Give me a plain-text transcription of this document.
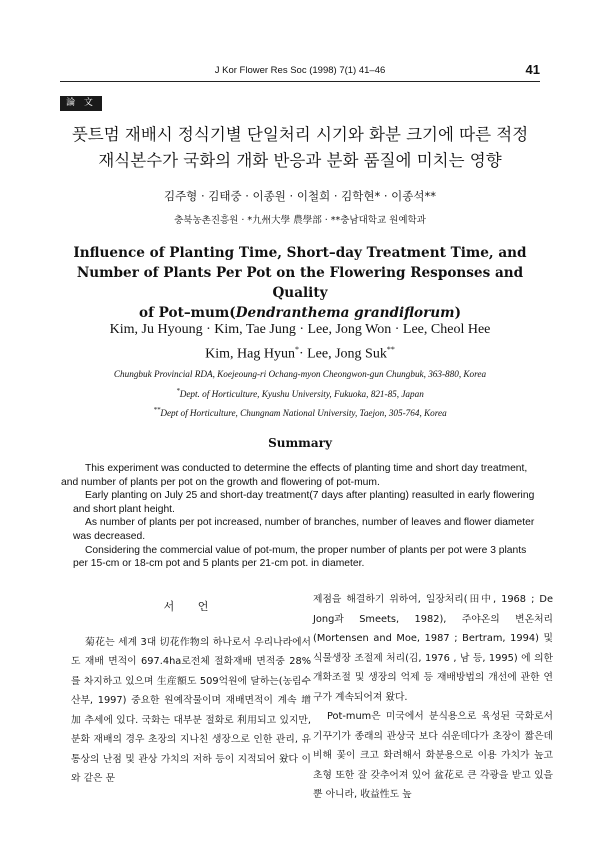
J Kor Flower Res Soc (1998) 7(1) 41–46	41
論 文
풋트멈 재배시 정식기별 단일처리 시기와 화분 크기에 따른 적정
재식본수가 국화의 개화 반응과 분화 품질에 미치는 영향
김주형 · 김태중 · 이종원 · 이철희 · 김학현* · 이종석**
충북농촌진흥원 · *九州大學 農學部 · **충남대학교 원예학과
Influence of Planting Time, Short–day Treatment Time, and
Number of Plants Per Pot on the Flowering Responses and Quality
of Pot–mum(Dendranthema grandiflorum)
Kim, Ju Hyoung · Kim, Tae Jung · Lee, Jong Won · Lee, Cheol Hee
Kim, Hag Hyun*· Lee, Jong Suk**
Chungbuk Provincial RDA, Koejeoung-ri Ochang-myon Cheongwon-gun Chungbuk, 363-880, Korea
*Dept. of Horticulture, Kyushu University, Fukuoka, 821-85, Japan
**Dept of Horticulture, Chungnam National University, Taejon, 305-764, Korea
Summary

This experiment was conducted to determine the effects of planting time and short day treatment, and number of plants per pot on the growth and flowering of pot-mum.

Early planting on July 25 and short-day treatment(7 days after planting) reasulted in early flowering and short plant height.

As number of plants per pot increased, number of branches, number of leaves and flower diameter was decreased.

Considering the commercial value of pot-mum, the proper number of plants per pot were 3 plants per 15-cm or 18-cm pot and 5 plants per 21-cm pot. in diameter.

서 언

菊花는 세계 3대 切花作物의 하나로서 우리나라에서도 재배 면적이 697.4ha로전체 절화재배 면적중 28%를 차지하고 있으며 生産額도 509억원에 달하는(농림수산부, 1997) 중요한 원예작물이며 재배면적이 계속 增加 추세에 있다. 국화는 대부분 절화로 利用되고 있지만, 분화 재배의 경우 초장의 지나친 생장으로 인한 관리, 유통상의 난점 및 관상 가치의 저하 등이 지적되어 왔다 이와 같은 문

제점을 해결하기 위하여, 일장처리(田中, 1968 ; De Jong과 Smeets, 1982), 주야온의 변온처리(Mortensen and Moe, 1987 ; Bertram, 1994) 및 식물생장 조절제 처리(김, 1976 , 남 등, 1995) 에 의한 개화조절 및 생장의 억제 등 재배방법의 개선에 관한 연구가 계속되어져 왔다.

Pot-mum은 미국에서 분식용으로 육성된 국화로서 기꾸기가 종래의 관상국 보다 쉬운데다가 초장이 짧은데 비해 꽃이 크고 화려해서 화분용으로 이용 가치가 높고 초형 또한 잘 갖추어져 있어 盆花로 큰 각광을 받고 있을 뿐 아니라, 收益性도 높
